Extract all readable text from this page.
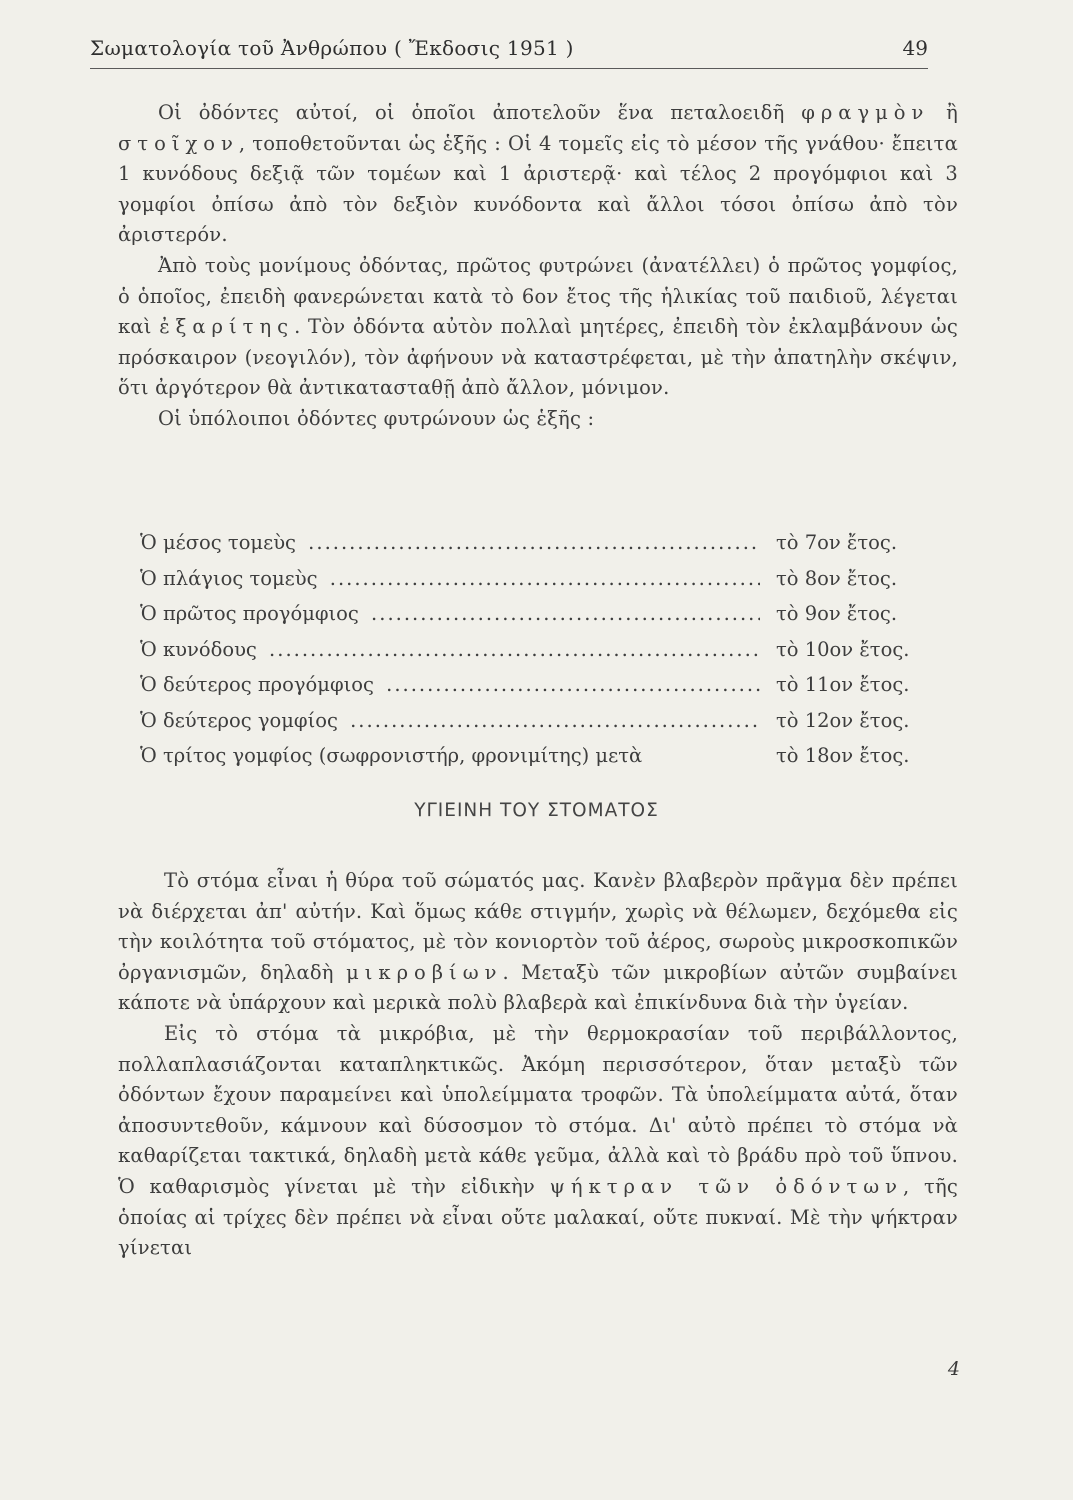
Σωματολογία τοῦ Ἀνθρώπου ( Ἔκδοσις 1951 )	49

Οἱ ὀδόντες αὐτοί, οἱ ὁποῖοι ἀποτελοῦν ἕνα πεταλοειδῆ φραγμὸν ἢ στοῖχον, τοποθετοῦνται ὡς ἑξῆς : Οἱ 4 τομεῖς εἰς τὸ μέσον τῆς γνάθου· ἔπειτα 1 κυνόδους δεξιᾷ τῶν τομέων καὶ 1 ἀριστερᾷ· καὶ τέλος 2 προγόμφιοι καὶ 3 γομφίοι ὀπίσω ἀπὸ τὸν δεξιὸν κυνόδοντα καὶ ἄλλοι τόσοι ὀπίσω ἀπὸ τὸν ἀριστερόν.

Ἀπὸ τοὺς μονίμους ὀδόντας, πρῶτος φυτρώνει (ἀνατέλλει) ὁ πρῶτος γομφίος, ὁ ὁποῖος, ἐπειδὴ φανερώνεται κατὰ τὸ 6ον ἔτος τῆς ἡλικίας τοῦ παιδιοῦ, λέγεται καὶ ἐξαρίτης. Τὸν ὀδόντα αὐτὸν πολλαὶ μητέρες, ἐπειδὴ τὸν ἐκλαμβάνουν ὡς πρόσκαιρον (νεογιλόν), τὸν ἀφήνουν νὰ καταστρέφεται, μὲ τὴν ἀπατηλὴν σκέψιν, ὅτι ἀργότερον θὰ ἀντικατασταθῇ ἀπὸ ἄλλον, μόνιμον.

Οἱ ὑπόλοιποι ὀδόντες φυτρώνουν ὡς ἑξῆς :

Ὁ μέσος τομεὺς .....	τὸ 7ον ἔτος.
Ὁ πλάγιος τομεὺς .....	τὸ 8ον ἔτος.
Ὁ πρῶτος προγόμφιος .....	τὸ 9ον ἔτος.
Ὁ κυνόδους .....	τὸ 10ον ἔτος.
Ὁ δεύτερος προγόμφιος .....	τὸ 11ον ἔτος.
Ὁ δεύτερος γομφίος .....	τὸ 12ον ἔτος.
Ὁ τρίτος γομφίος (σωφρονιστήρ, φρονιμίτης) μετὰ	τὸ 18ον ἔτος.
ΥΓΙΕΙΝΗ ΤΟΥ ΣΤΟΜΑΤΟΣ

Τὸ στόμα εἶναι ἡ θύρα τοῦ σώματός μας. Κανὲν βλαβερὸν πρᾶγμα δὲν πρέπει νὰ διέρχεται ἀπ' αὐτήν. Καὶ ὅμως κάθε στιγμήν, χωρὶς νὰ θέλωμεν, δεχόμεθα εἰς τὴν κοιλότητα τοῦ στόματος, μὲ τὸν κονιορτὸν τοῦ ἀέρος, σωροὺς μικροσκοπικῶν ὀργανισμῶν, δηλαδὴ μικροβίων. Μεταξὺ τῶν μικροβίων αὐτῶν συμβαίνει κάποτε νὰ ὑπάρχουν καὶ μερικὰ πολὺ βλαβερὰ καὶ ἐπικίνδυνα διὰ τὴν ὑγείαν.

Εἰς τὸ στόμα τὰ μικρόβια, μὲ τὴν θερμοκρασίαν τοῦ περιβάλλοντος, πολλαπλασιάζονται καταπληκτικῶς. Ἀκόμη περισσότερον, ὅταν μεταξὺ τῶν ὀδόντων ἔχουν παραμείνει καὶ ὑπολείμματα τροφῶν. Τὰ ὑπολείμματα αὐτά, ὅταν ἀποσυντεθοῦν, κάμνουν καὶ δύσοσμον τὸ στόμα. Δι' αὐτὸ πρέπει τὸ στόμα νὰ καθαρίζεται τακτικά, δηλαδὴ μετὰ κάθε γεῦμα, ἀλλὰ καὶ τὸ βράδυ πρὸ τοῦ ὕπνου. Ὁ καθαρισμὸς γίνεται μὲ τὴν εἰδικὴν ψήκτραν τῶν ὀδόντων, τῆς ὁποίας αἱ τρίχες δὲν πρέπει νὰ εἶναι οὔτε μαλακαί, οὔτε πυκναί. Μὲ τὴν ψήκτραν γίνεται

4
